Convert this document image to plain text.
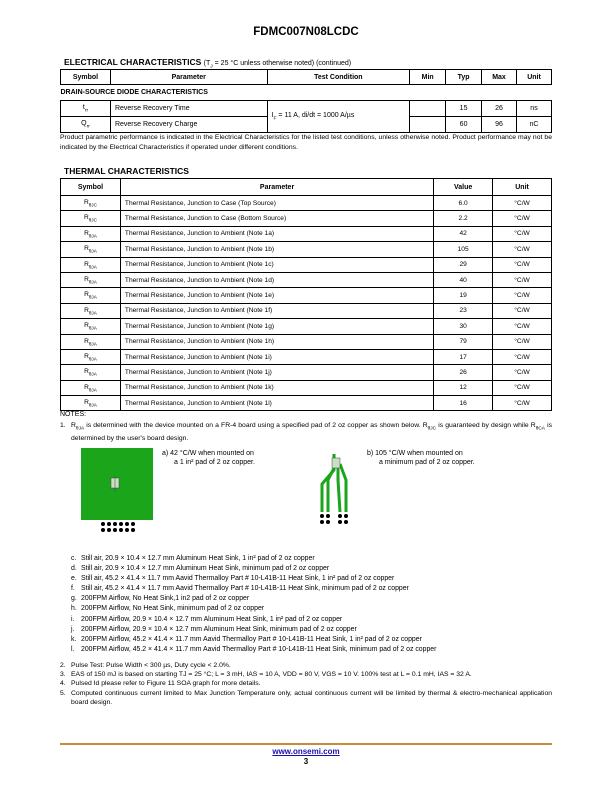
FDMC007N08LCDC
ELECTRICAL CHARACTERISTICS ($T_J = 25$ °C unless otherwise noted) (continued)
Symbol	Parameter	Test Condition	Min	Typ	Max	Unit
DRAIN-SOURCE DIODE CHARACTERISTICS						
$t_{rr}$	Reverse Recovery Time	$I_F = 11$ A, di/dt = 1000 A/µs		15	26	ns
$Q_{rr}$	Reverse Recovery Charge			60	96	nC
Product parametric performance is indicated in the Electrical Characteristics for the listed test conditions, unless otherwise noted. Product performance may not be indicated by the Electrical Characteristics if operated under different conditions.
THERMAL CHARACTERISTICS
Symbol	Parameter	Value	Unit
$R_{\theta JC}$	Thermal Resistance, Junction to Case (Top Source)	6.0	°C/W
$R_{\theta JC}$	Thermal Resistance, Junction to Case (Bottom Source)	2.2	°C/W
$R_{\theta JA}$	Thermal Resistance, Junction to Ambient (Note 1a)	42	°C/W
$R_{\theta JA}$	Thermal Resistance, Junction to Ambient (Note 1b)	105	°C/W
$R_{\theta JA}$	Thermal Resistance, Junction to Ambient (Note 1c)	29	°C/W
$R_{\theta JA}$	Thermal Resistance, Junction to Ambient (Note 1d)	40	°C/W
$R_{\theta JA}$	Thermal Resistance, Junction to Ambient (Note 1e)	19	°C/W
$R_{\theta JA}$	Thermal Resistance, Junction to Ambient (Note 1f)	23	°C/W
$R_{\theta JA}$	Thermal Resistance, Junction to Ambient (Note 1g)	30	°C/W
$R_{\theta JA}$	Thermal Resistance, Junction to Ambient (Note 1h)	79	°C/W
$R_{\theta JA}$	Thermal Resistance, Junction to Ambient (Note 1i)	17	°C/W
$R_{\theta JA}$	Thermal Resistance, Junction to Ambient (Note 1j)	26	°C/W
$R_{\theta JA}$	Thermal Resistance, Junction to Ambient (Note 1k)	12	°C/W
$R_{\theta JA}$	Thermal Resistance, Junction to Ambient (Note 1l)	16	°C/W
NOTES:
1. $R_{\theta JA}$ is determined with the device mounted on a FR-4 board using a specified pad of 2 oz copper as shown below. $R_{\theta JC}$ is guaranteed by design while $R_{\theta CA}$ is determined by the user's board design.
a) 42 °C/W when mounted on
a 1 in² pad of 2 oz copper.
b) 105 °C/W when mounted on
a minimum pad of 2 oz copper.
c. Still air, 20.9 × 10.4 × 12.7 mm Aluminum Heat Sink, 1 in² pad of 2 oz copper
d. Still air, 20.9 × 10.4 × 12.7 mm Aluminum Heat Sink, minimum pad of 2 oz copper
e. Still air, 45.2 × 41.4 × 11.7 mm Aavid Thermalloy Part # 10-L41B-11 Heat Sink, 1 in² pad of 2 oz copper
f. Still air, 45.2 × 41.4 × 11.7 mm Aavid Thermalloy Part # 10-L41B-11 Heat Sink, minimum pad of 2 oz copper
g. 200FPM Airflow, No Heat Sink,1 in2 pad of 2 oz copper
h. 200FPM Airflow, No Heat Sink, minimum pad of 2 oz copper
i. 200FPM Airflow, 20.9 × 10.4 × 12.7 mm Aluminum Heat Sink, 1 in² pad of 2 oz copper
j. 200FPM Airflow, 20.9 × 10.4 × 12.7 mm Aluminum Heat Sink, minimum pad of 2 oz copper
k. 200FPM Airflow, 45.2 × 41.4 × 11.7 mm Aavid Thermalloy Part # 10-L41B-11 Heat Sink, 1 in² pad of 2 oz copper
l. 200FPM Airflow, 45.2 × 41.4 × 11.7 mm Aavid Thermalloy Part # 10-L41B-11 Heat Sink, minimum pad of 2 oz copper
2. Pulse Test: Pulse Width < 300 µs, Duty cycle < 2.0%.
3. EAS of 150 mJ is based on starting TJ = 25 °C; L = 3 mH, IAS = 10 A, VDD = 80 V, VGS = 10 V. 100% test at L = 0.1 mH, IAS = 32 A.
4. Pulsed Id please refer to Figure 11 SOA graph for more details.
5. Computed continuous current limited to Max Junction Temperature only, actual continuous current will be limited by thermal & electro-mechanical application board design.
www.onsemi.com
3
